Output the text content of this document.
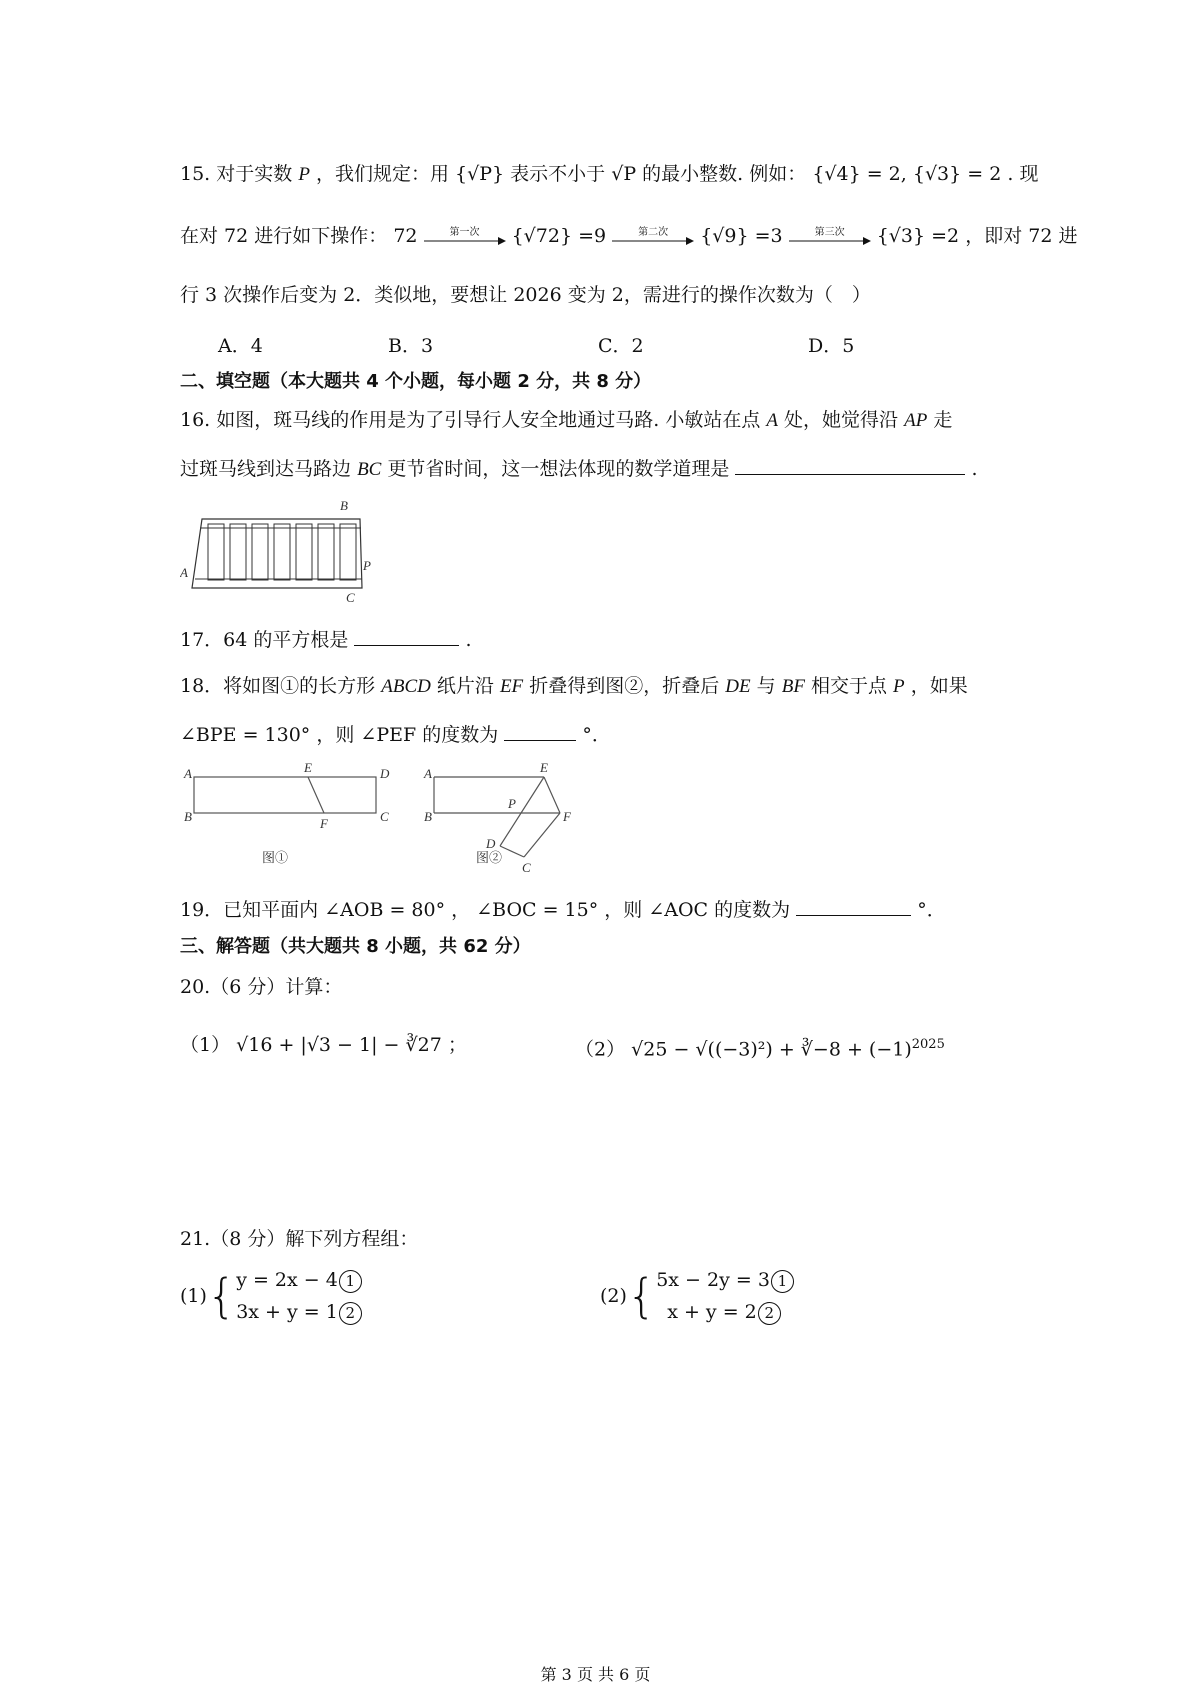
15. 对于实数 P ，我们规定：用 {√P} 表示不小于 √P 的最小整数. 例如： {√4} = 2, {√3} = 2 . 现
在对 72 进行如下操作： 72	第一次	{√72} =9	第二次	{√9} =3	第三次	{√3} =2 ，即对 72 进
行 3 次操作后变为 2．类似地，要想让 2026 变为 2，需进行的操作次数为（　）
A．4	B．3	C．2	D．5
二、填空题（本大题共 4 个小题，每小题 2 分，共 8 分）
16. 如图，斑马线的作用是为了引导行人安全地通过马路. 小敏站在点 A 处，她觉得沿 AP 走
过斑马线到达马路边 BC 更节省时间，这一想法体现的数学道理是	.
B
A	P
C
17．64 的平方根是	.
18．将如图①的长方形 ABCD 纸片沿 EF 折叠得到图②，折叠后 DE 与 BF 相交于点 P ，如果
∠BPE = 130° ，则 ∠PEF 的度数为	°．
A
B
E	D
F	C
图①
A
B
E
P
F
D
C
图②
19．已知平面内 ∠AOB = 80° ， ∠BOC = 15° ，则 ∠AOC 的度数为	°．
三、解答题（共大题共 8 小题，共 62 分）
20.（6 分）计算：
（1） √16 + |√3 − 1| − ∛27 ；	（2） √25 − √((−3)²) + ∛−8 + $(-1)^{2025}$
21.（8 分）解下列方程组：
(1){y = 2x − 4 1
3x + y = 1 2
(2){5x − 2y = 3 1
x + y = 2 2
第 3 页 共 6 页
